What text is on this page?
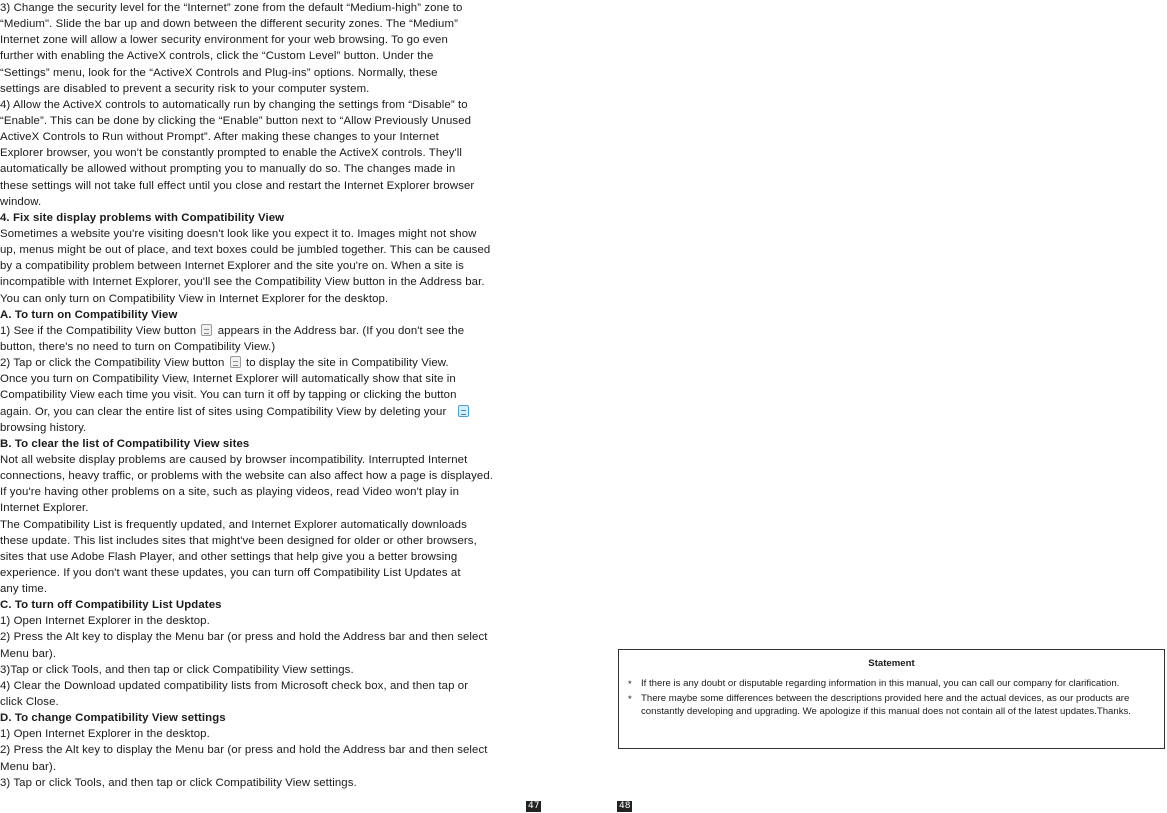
3) Change the security level for the “Internet” zone from the default “Medium-high” zone to
“Medium". Slide the bar up and down between the different security zones. The “Medium”
Internet zone will allow a lower security environment for your web browsing. To go even
further with enabling the ActiveX controls, click the “Custom Level” button. Under the
“Settings” menu, look for the “ActiveX Controls and Plug-ins” options. Normally, these
settings are disabled to prevent a security risk to your computer system.
4) Allow the ActiveX controls to automatically run by changing the settings from “Disable” to
“Enable”. This can be done by clicking the “Enable” button next to “Allow Previously Unused
ActiveX Controls to Run without Prompt”. After making these changes to your Internet
Explorer browser, you won't be constantly prompted to enable the ActiveX controls. They'll
automatically be allowed without prompting you to manually do so. The changes made in
these settings will not take full effect until you close and restart the Internet Explorer browser
window.
4. Fix site display problems with Compatibility View
Sometimes a website you're visiting doesn't look like you expect it to. Images might not show
up, menus might be out of place, and text boxes could be jumbled together. This can be caused
by a compatibility problem between Internet Explorer and the site you're on. When a site is
incompatible with Internet Explorer, you'll see the Compatibility View button in the Address bar.
You can only turn on Compatibility View in Internet Explorer for the desktop.
A. To turn on Compatibility View
1) See if the Compatibility View button appears in the Address bar. (If you don't see the
button, there's no need to turn on Compatibility View.)
2) Tap or click the Compatibility View button to display the site in Compatibility View.
Once you turn on Compatibility View, Internet Explorer will automatically show that site in
Compatibility View each time you visit. You can turn it off by tapping or clicking the button
again. Or, you can clear the entire list of sites using Compatibility View by deleting your
browsing history.
B. To clear the list of Compatibility View sites
Not all website display problems are caused by browser incompatibility. Interrupted Internet
connections, heavy traffic, or problems with the website can also affect how a page is displayed.
If you're having other problems on a site, such as playing videos, read Video won't play in
Internet Explorer.
The Compatibility List is frequently updated, and Internet Explorer automatically downloads
these update. This list includes sites that might've been designed for older or other browsers,
sites that use Adobe Flash Player, and other settings that help give you a better browsing
experience. If you don't want these updates, you can turn off Compatibility List Updates at
any time.
C. To turn off Compatibility List Updates
1) Open Internet Explorer in the desktop.
2) Press the Alt key to display the Menu bar (or press and hold the Address bar and then select
Menu bar).
3)Tap or click Tools, and then tap or click Compatibility View settings.
4) Clear the Download updated compatibility lists from Microsoft check box, and then tap or
click Close.
D. To change Compatibility View settings
1) Open Internet Explorer in the desktop.
2) Press the Alt key to display the Menu bar (or press and hold the Address bar and then select
Menu bar).
3) Tap or click Tools, and then tap or click Compatibility View settings.
Statement
* If there is any doubt or disputable regarding information in this manual, you can call our company for clarification.
* There maybe some differences between the descriptions provided here and the actual devices, as our products are constantly developing and upgrading. We apologize if this manual does not contain all of the latest updates.Thanks.
47	48
